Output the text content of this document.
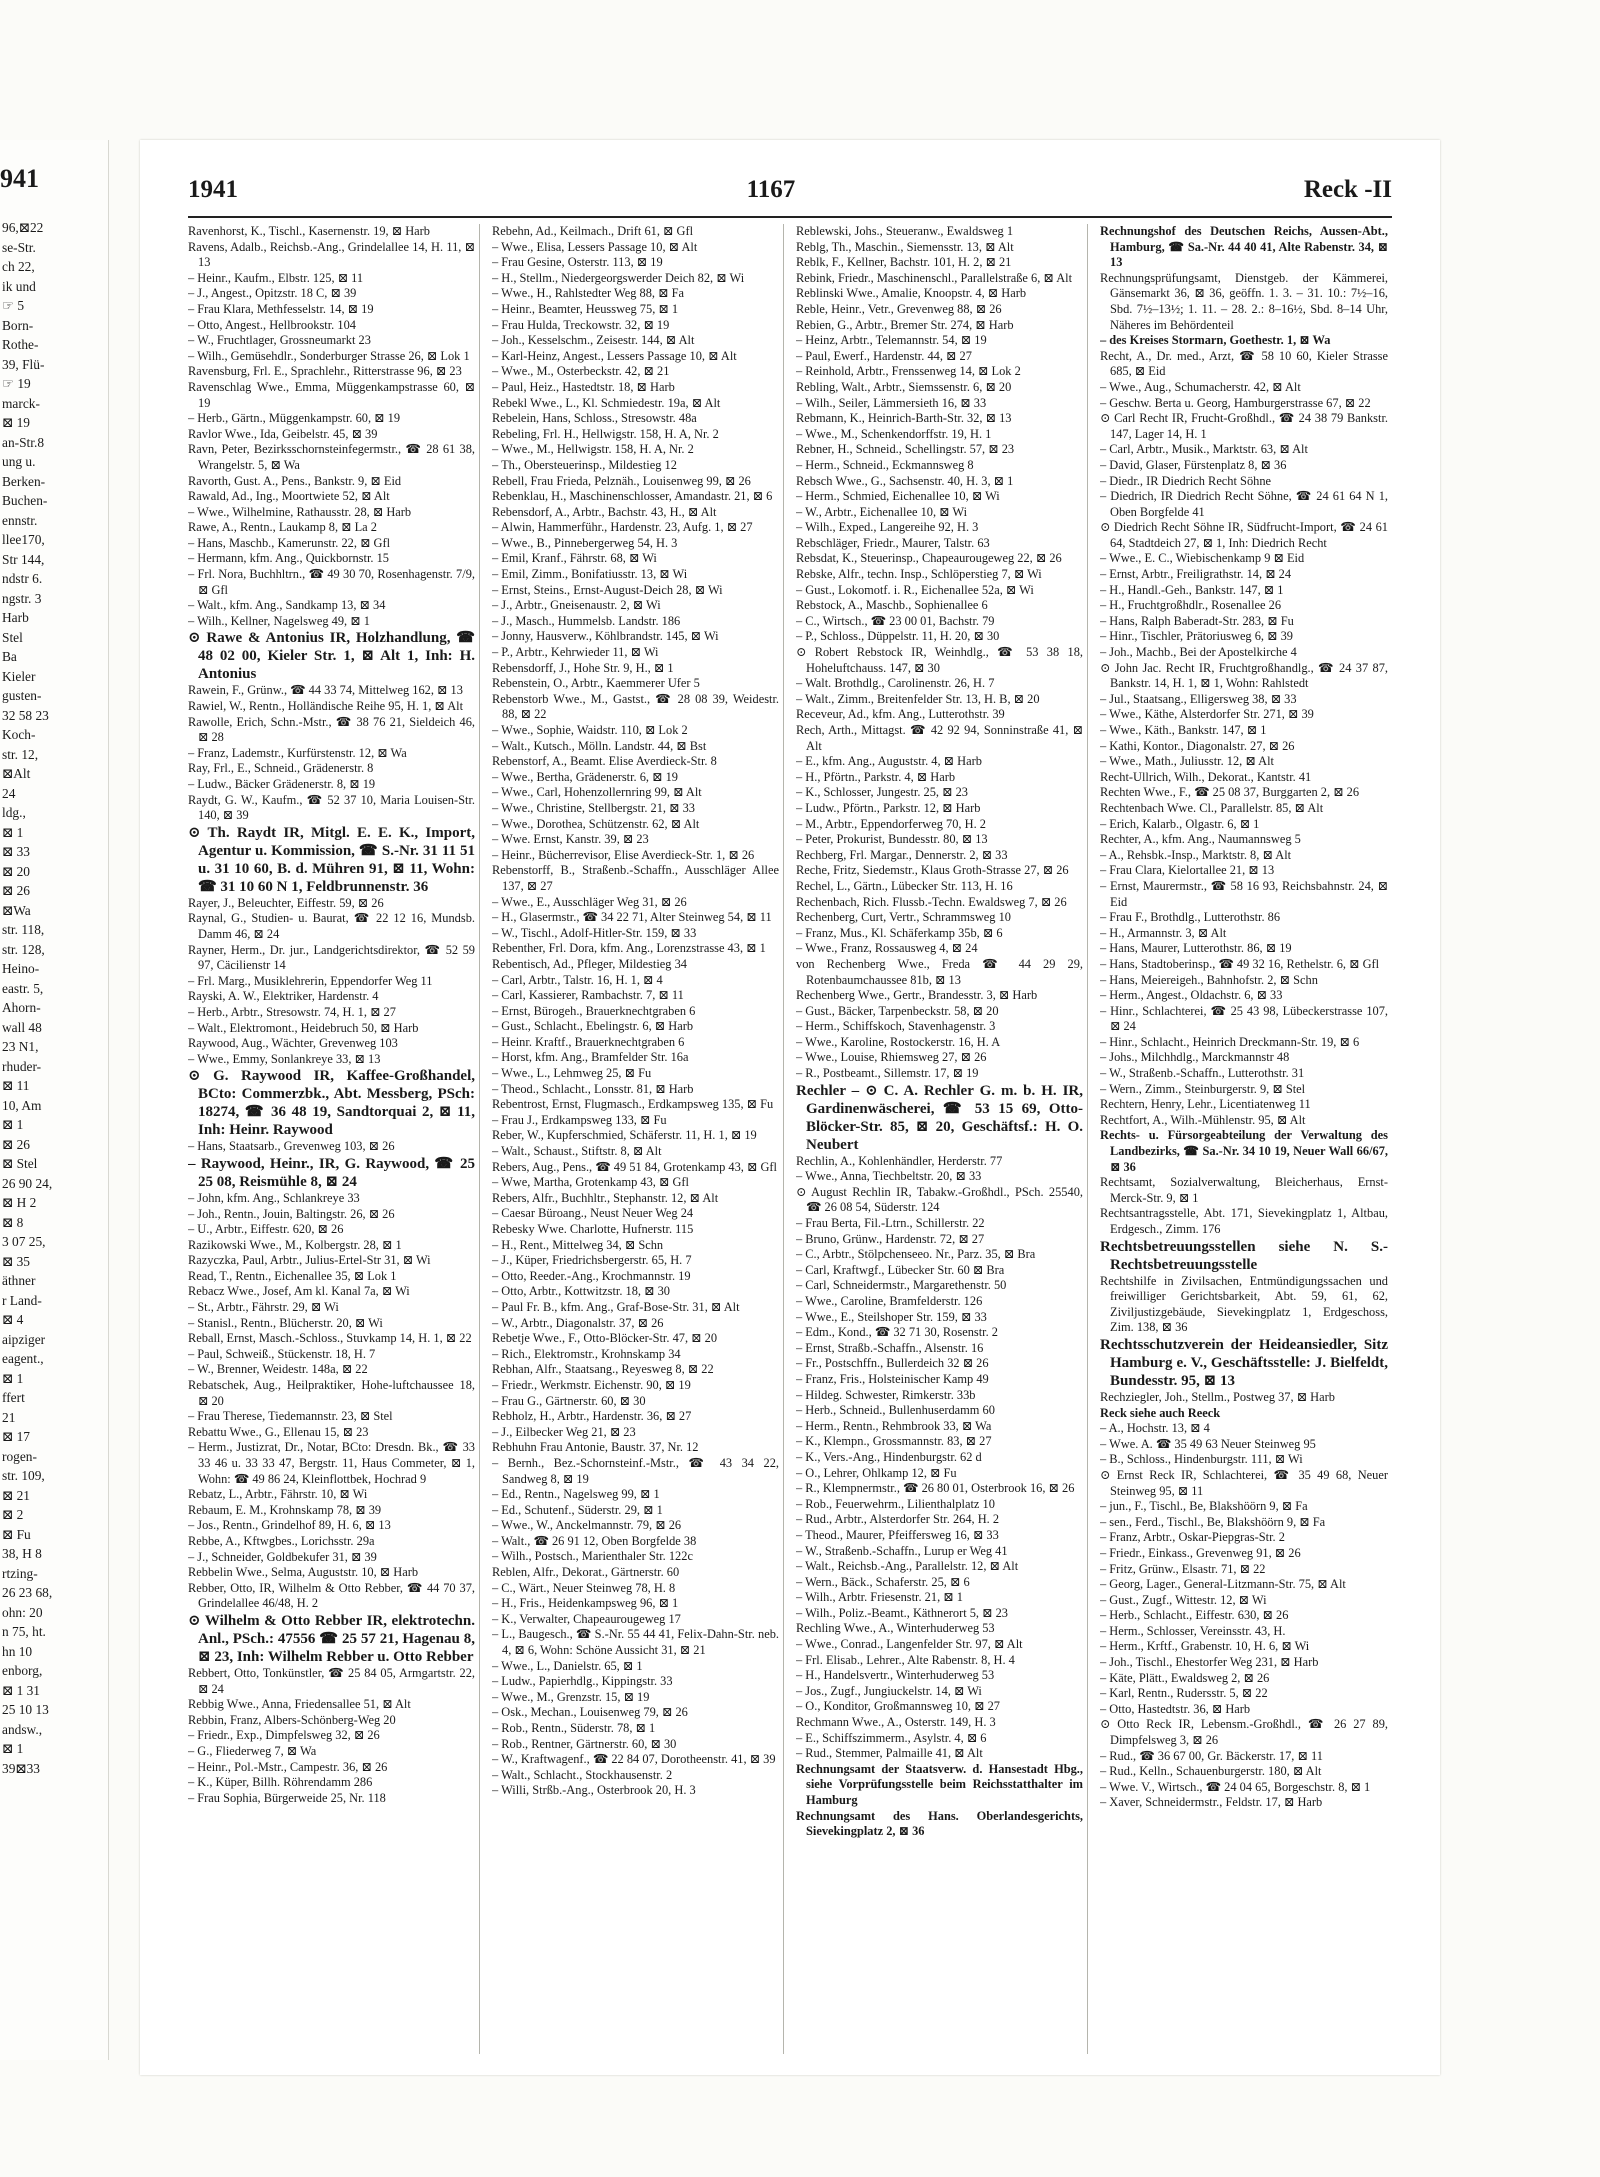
941
96,⊠22
se-Str.
ch 22,
ik und
☞ 5
Born-
Rothe-
39, Flü-
☞ 19
marck-
⊠ 19
an-Str.8
ung u.
Berken-
Buchen-
ennstr.
llee170,
Str 144,
ndstr 6.
ngstr. 3
Harb
Stel
Ba
Kieler
gusten-
32 58 23
Koch-
str. 12,
⊠Alt
24
ldg.,
⊠ 1
⊠ 33
⊠ 20
⊠ 26
⊠Wa
str. 118,
str. 128,
Heino-
eastr. 5,
Ahorn-
wall 48
23 N1,
rhuder-
⊠ 11
10, Am
⊠ 1
⊠ 26
⊠ Stel
26 90 24,
⊠ H 2
⊠ 8
3 07 25,
⊠ 35
äthner
r Land-
⊠ 4
aipziger
eagent.,
⊠ 1
ffert
21
⊠ 17
rogen-
str. 109,
⊠ 21
⊠ 2
⊠ Fu
38, H 8
rtzing-
26 23 68,
ohn: 20
n 75, ht.
hn 10
enborg,
⊠ 1 31
25 10 13
andsw.,
⊠ 1
39⊠33
1941	1167	Reck -II

Ravenhorst, K., Tischl., Kasernenstr. 19, ⊠ Harb

Ravens, Adalb., Reichsb.-Ang., Grindelallee 14, H. 11, ⊠ 13

– Heinr., Kaufm., Elbstr. 125, ⊠ 11

– J., Angest., Opitzstr. 18 C, ⊠ 39

– Frau Klara, Methfesselstr. 14, ⊠ 19

– Otto, Angest., Hellbrookstr. 104

– W., Fruchtlager, Grossneumarkt 23

– Wilh., Gemüsehdlr., Sonderburger Strasse 26, ⊠ Lok 1

Ravensburg, Frl. E., Sprachlehr., Ritterstrasse 96, ⊠ 23

Ravenschlag Wwe., Emma, Müggenkampstrasse 60, ⊠ 19

– Herb., Gärtn., Müggenkampstr. 60, ⊠ 19

Ravlor Wwe., Ida, Geibelstr. 45, ⊠ 39

Ravn, Peter, Bezirksschornsteinfegermstr., ☎ 28 61 38, Wrangelstr. 5, ⊠ Wa

Ravorth, Gust. A., Pens., Bankstr. 9, ⊠ Eid

Rawald, Ad., Ing., Moortwiete 52, ⊠ Alt

– Wwe., Wilhelmine, Rathausstr. 28, ⊠ Harb

Rawe, A., Rentn., Laukamp 8, ⊠ La 2

– Hans, Maschb., Kamerunstr. 22, ⊠ Gfl

– Hermann, kfm. Ang., Quickbornstr. 15

– Frl. Nora, Buchhltrn., ☎ 49 30 70, Rosenhagenstr. 7/9, ⊠ Gfl

– Walt., kfm. Ang., Sandkamp 13, ⊠ 34

– Wilh., Kellner, Nagelsweg 49, ⊠ 1

⊙ Rawe & Antonius IR, Holzhandlung, ☎ 48 02 00, Kieler Str. 1, ⊠ Alt 1, Inh: H. Antonius

Rawein, F., Grünw., ☎ 44 33 74, Mittelweg 162, ⊠ 13

Rawiel, W., Rentn., Holländische Reihe 95, H. 1, ⊠ Alt

Rawolle, Erich, Schn.-Mstr., ☎ 38 76 21, Sieldeich 46, ⊠ 28

– Franz, Lademstr., Kurfürstenstr. 12, ⊠ Wa

Ray, Frl., E., Schneid., Grädenerstr. 8

– Ludw., Bäcker Grädenerstr. 8, ⊠ 19

Raydt, G. W., Kaufm., ☎ 52 37 10, Maria Louisen-Str. 140, ⊠ 39

⊙ Th. Raydt IR, Mitgl. E. E. K., Import, Agentur u. Kommission, ☎ S.-Nr. 31 11 51 u. 31 10 60, B. d. Mühren 91, ⊠ 11, Wohn: ☎ 31 10 60 N 1, Feldbrunnenstr. 36

Rayer, J., Beleuchter, Eiffestr. 59, ⊠ 26

Raynal, G., Studien- u. Baurat, ☎ 22 12 16, Mundsb. Damm 46, ⊠ 24

Rayner, Herm., Dr. jur., Landgerichtsdirektor, ☎ 52 59 97, Cäcilienstr 14

– Frl. Marg., Musiklehrerin, Eppendorfer Weg 11

Rayski, A. W., Elektriker, Hardenstr. 4

– Herb., Arbtr., Stresowstr. 74, H. 1, ⊠ 27

– Walt., Elektromont., Heidebruch 50, ⊠ Harb

Raywood, Aug., Wächter, Grevenweg 103

– Wwe., Emmy, Sonlankreye 33, ⊠ 13

⊙ G. Raywood IR, Kaffee-Großhandel, BCto: Commerzbk., Abt. Messberg, PSch: 18274, ☎ 36 48 19, Sandtorquai 2, ⊠ 11, Inh: Heinr. Raywood

– Hans, Staatsarb., Grevenweg 103, ⊠ 26

– Raywood, Heinr., IR, G. Raywood, ☎ 25 25 08, Reismühle 8, ⊠ 24

– John, kfm. Ang., Schlankreye 33

– Joh., Rentn., Jouin, Baltingstr. 26, ⊠ 26

– U., Arbtr., Eiffestr. 620, ⊠ 26

Razikowski Wwe., M., Kolbergstr. 28, ⊠ 1

Razyczka, Paul, Arbtr., Julius-Ertel-Str 31, ⊠ Wi

Read, T., Rentn., Eichenallee 35, ⊠ Lok 1

Rebacz Wwe., Josef, Am kl. Kanal 7a, ⊠ Wi

– St., Arbtr., Fährstr. 29, ⊠ Wi

– Stanisl., Rentn., Blücherstr. 20, ⊠ Wi

Reball, Ernst, Masch.-Schloss., Stuvkamp 14, H. 1, ⊠ 22

– Paul, Schweiß., Stückenstr. 18, H. 7

– W., Brenner, Weidestr. 148a, ⊠ 22

Rebatschek, Aug., Heilpraktiker, Hohe-luftchaussee 18, ⊠ 20

– Frau Therese, Tiedemannstr. 23, ⊠ Stel

Rebattu Wwe., G., Ellenau 15, ⊠ 23

– Herm., Justizrat, Dr., Notar, BCto: Dresdn. Bk., ☎ 33 33 46 u. 33 33 47, Bergstr. 11, Haus Commeter, ⊠ 1, Wohn: ☎ 49 86 24, Kleinflottbek, Hochrad 9

Rebatz, L., Arbtr., Fährstr. 10, ⊠ Wi

Rebaum, E. M., Krohnskamp 78, ⊠ 39

– Jos., Rentn., Grindelhof 89, H. 6, ⊠ 13

Rebbe, A., Kftwgbes., Lorichsstr. 29a

– J., Schneider, Goldbekufer 31, ⊠ 39

Rebbelin Wwe., Selma, Auguststr. 10, ⊠ Harb

Rebber, Otto, IR, Wilhelm & Otto Rebber, ☎ 44 70 37, Grindelallee 46/48, H. 2

⊙ Wilhelm & Otto Rebber IR, elektrotechn. Anl., PSch.: 47556 ☎ 25 57 21, Hagenau 8, ⊠ 23, Inh: Wilhelm Rebber u. Otto Rebber

Rebbert, Otto, Tonkünstler, ☎ 25 84 05, Armgartstr. 22, ⊠ 24

Rebbig Wwe., Anna, Friedensallee 51, ⊠ Alt

Rebbin, Franz, Albers-Schönberg-Weg 20

– Friedr., Exp., Dimpfelsweg 32, ⊠ 26

– G., Fliederweg 7, ⊠ Wa

– Heinr., Pol.-Mstr., Campestr. 36, ⊠ 26

– K., Küper, Billh. Röhrendamm 286

– Frau Sophia, Bürgerweide 25, Nr. 118

Rebehn, Ad., Keilmach., Drift 61, ⊠ Gfl

– Wwe., Elisa, Lessers Passage 10, ⊠ Alt

– Frau Gesine, Osterstr. 113, ⊠ 19

– H., Stellm., Niedergeorgswerder Deich 82, ⊠ Wi

– Wwe., H., Rahlstedter Weg 88, ⊠ Fa

– Heinr., Beamter, Heussweg 75, ⊠ 1

– Frau Hulda, Treckowstr. 32, ⊠ 19

– Joh., Kesselschm., Zeisestr. 144, ⊠ Alt

– Karl-Heinz, Angest., Lessers Passage 10, ⊠ Alt

– Wwe., M., Osterbeckstr. 42, ⊠ 21

– Paul, Heiz., Hastedtstr. 18, ⊠ Harb

Rebekl Wwe., L., Kl. Schmiedestr. 19a, ⊠ Alt

Rebelein, Hans, Schloss., Stresowstr. 48a

Rebeling, Frl. H., Hellwigstr. 158, H. A, Nr. 2

– Wwe., M., Hellwigstr. 158, H. A, Nr. 2

– Th., Obersteuerinsp., Mildestieg 12

Rebell, Frau Frieda, Pelznäh., Louisenweg 99, ⊠ 26

Rebenklau, H., Maschinenschlosser, Amandastr. 21, ⊠ 6

Rebensdorf, A., Arbtr., Bachstr. 43, H., ⊠ Alt

– Alwin, Hammerführ., Hardenstr. 23, Aufg. 1, ⊠ 27

– Wwe., B., Pinnebergerweg 54, H. 3

– Emil, Kranf., Fährstr. 68, ⊠ Wi

– Emil, Zimm., Bonifatiusstr. 13, ⊠ Wi

– Ernst, Steins., Ernst-August-Deich 28, ⊠ Wi

– J., Arbtr., Gneisenaustr. 2, ⊠ Wi

– J., Masch., Hummelsb. Landstr. 186

– Jonny, Hausverw., Köhlbrandstr. 145, ⊠ Wi

– P., Arbtr., Kehrwieder 11, ⊠ Wi

Rebensdorff, J., Hohe Str. 9, H., ⊠ 1

Rebenstein, O., Arbtr., Kaemmerer Ufer 5

Rebenstorb Wwe., M., Gastst., ☎ 28 08 39, Weidestr. 88, ⊠ 22

– Wwe., Sophie, Waidstr. 110, ⊠ Lok 2

– Walt., Kutsch., Mölln. Landstr. 44, ⊠ Bst

Rebenstorf, A., Beamt. Elise Averdieck-Str. 8

– Wwe., Bertha, Grädenerstr. 6, ⊠ 19

– Wwe., Carl, Hohenzollernring 99, ⊠ Alt

– Wwe., Christine, Stellbergstr. 21, ⊠ 33

– Wwe., Dorothea, Schützenstr. 62, ⊠ Alt

– Wwe. Ernst, Kanstr. 39, ⊠ 23

– Heinr., Bücherrevisor, Elise Averdieck-Str. 1, ⊠ 26

Rebenstorff, B., Straßenb.-Schaffn., Ausschläger Allee 137, ⊠ 27

– Wwe., E., Ausschläger Weg 31, ⊠ 26

– H., Glasermstr., ☎ 34 22 71, Alter Steinweg 54, ⊠ 11

– W., Tischl., Adolf-Hitler-Str. 159, ⊠ 33

Rebenther, Frl. Dora, kfm. Ang., Lorenzstrasse 43, ⊠ 1

Rebentisch, Ad., Pfleger, Mildestieg 34

– Carl, Arbtr., Talstr. 16, H. 1, ⊠ 4

– Carl, Kassierer, Rambachstr. 7, ⊠ 11

– Ernst, Bürogeh., Brauerknechtgraben 6

– Gust., Schlacht., Ebelingstr. 6, ⊠ Harb

– Heinr. Kraftf., Brauerknechtgraben 6

– Horst, kfm. Ang., Bramfelder Str. 16a

– Wwe., L., Lehmweg 25, ⊠ Fu

– Theod., Schlacht., Lonsstr. 81, ⊠ Harb

Rebentrost, Ernst, Flugmasch., Erdkampsweg 135, ⊠ Fu

– Frau J., Erdkampsweg 133, ⊠ Fu

Reber, W., Kupferschmied, Schäferstr. 11, H. 1, ⊠ 19

– Walt., Schaust., Stiftstr. 8, ⊠ Alt

Rebers, Aug., Pens., ☎ 49 51 84, Grotenkamp 43, ⊠ Gfl

– Wwe, Martha, Grotenkamp 43, ⊠ Gfl

Rebers, Alfr., Buchhltr., Stephanstr. 12, ⊠ Alt

– Caesar Büroang., Neust Neuer Weg 24

Rebesky Wwe. Charlotte, Hufnerstr. 115

– H., Rent., Mittelweg 34, ⊠ Schn

– J., Küper, Friedrichsbergerstr. 65, H. 7

– Otto, Reeder.-Ang., Krochmannstr. 19

– Otto, Arbtr., Kottwitzstr. 18, ⊠ 30

– Paul Fr. B., kfm. Ang., Graf-Bose-Str. 31, ⊠ Alt

– W., Arbtr., Diagonalstr. 37, ⊠ 26

Rebetje Wwe., F., Otto-Blöcker-Str. 47, ⊠ 20

– Rich., Elektromstr., Krohnskamp 34

Rebhan, Alfr., Staatsang., Reyesweg 8, ⊠ 22

– Friedr., Werkmstr. Eichenstr. 90, ⊠ 19

– Frau G., Gärtnerstr. 60, ⊠ 30

Rebholz, H., Arbtr., Hardenstr. 36, ⊠ 27

– J., Eilbecker Weg 21, ⊠ 23

Rebhuhn Frau Antonie, Baustr. 37, Nr. 12

– Bernh., Bez.-Schornsteinf.-Mstr., ☎ 43 34 22, Sandweg 8, ⊠ 19

– Ed., Rentn., Nagelsweg 99, ⊠ 1

– Ed., Schutenf., Süderstr. 29, ⊠ 1

– Wwe., W., Anckelmannstr. 79, ⊠ 26

– Walt., ☎ 26 91 12, Oben Borgfelde 38

– Wilh., Postsch., Marienthaler Str. 122c

Reblen, Alfr., Dekorat., Gärtnerstr. 60

– C., Wärt., Neuer Steinweg 78, H. 8

– H., Fris., Heidenkampsweg 96, ⊠ 1

– K., Verwalter, Chapeaurougeweg 17

– L., Baugesch., ☎ S.-Nr. 55 44 41, Felix-Dahn-Str. neb. 4, ⊠ 6, Wohn: Schöne Aussicht 31, ⊠ 21

– Wwe., L., Danielstr. 65, ⊠ 1

– Ludw., Papierhdlg., Kippingstr. 33

– Wwe., M., Grenzstr. 15, ⊠ 19

– Osk., Mechan., Louisenweg 79, ⊠ 26

– Rob., Rentn., Süderstr. 78, ⊠ 1

– Rob., Rentner, Gärtnerstr. 60, ⊠ 30

– W., Kraftwagenf., ☎ 22 84 07, Dorotheenstr. 41, ⊠ 39

– Walt., Schlacht., Stockhausenstr. 2

– Willi, Strßb.-Ang., Osterbrook 20, H. 3

Reblewski, Johs., Steueranw., Ewaldsweg 1

Reblg, Th., Maschin., Siemensstr. 13, ⊠ Alt

Reblk, F., Kellner, Bachstr. 101, H. 2, ⊠ 21

Rebink, Friedr., Maschinenschl., Parallelstraße 6, ⊠ Alt

Reblinski Wwe., Amalie, Knoopstr. 4, ⊠ Harb

Reble, Heinr., Vetr., Grevenweg 88, ⊠ 26

Rebien, G., Arbtr., Bremer Str. 274, ⊠ Harb

– Heinz, Arbtr., Telemannstr. 54, ⊠ 19

– Paul, Ewerf., Hardenstr. 44, ⊠ 27

– Reinhold, Arbtr., Frenssenweg 14, ⊠ Lok 2

Rebling, Walt., Arbtr., Siemssenstr. 6, ⊠ 20

– Wilh., Seiler, Lämmersieth 16, ⊠ 33

Rebmann, K., Heinrich-Barth-Str. 32, ⊠ 13

– Wwe., M., Schenkendorffstr. 19, H. 1

Rebner, H., Schneid., Schellingstr. 57, ⊠ 23

– Herm., Schneid., Eckmannsweg 8

Rebsch Wwe., G., Sachsenstr. 40, H. 3, ⊠ 1

– Herm., Schmied, Eichenallee 10, ⊠ Wi

– W., Arbtr., Eichenallee 10, ⊠ Wi

– Wilh., Exped., Langereihe 92, H. 3

Rebschläger, Friedr., Maurer, Talstr. 63

Rebsdat, K., Steuerinsp., Chapeaurougeweg 22, ⊠ 26

Rebske, Alfr., techn. Insp., Schlöperstieg 7, ⊠ Wi

– Gust., Lokomotf. i. R., Eichenallee 52a, ⊠ Wi

Rebstock, A., Maschb., Sophienallee 6

– C., Wirtsch., ☎ 23 00 01, Bachstr. 79

– P., Schloss., Düppelstr. 11, H. 20, ⊠ 30

⊙ Robert Rebstock IR, Weinhdlg., ☎ 53 38 18, Hoheluftchauss. 147, ⊠ 30

– Walt. Brothdlg., Carolinenstr. 26, H. 7

– Walt., Zimm., Breitenfelder Str. 13, H. B, ⊠ 20

Receveur, Ad., kfm. Ang., Lutterothstr. 39

Rech, Arth., Mittagst. ☎ 42 92 94, Sonninstraße 41, ⊠ Alt

– E., kfm. Ang., Auguststr. 4, ⊠ Harb

– H., Pförtn., Parkstr. 4, ⊠ Harb

– K., Schlosser, Jungestr. 25, ⊠ 23

– Ludw., Pförtn., Parkstr. 12, ⊠ Harb

– M., Arbtr., Eppendorferweg 70, H. 2

– Peter, Prokurist, Bundesstr. 80, ⊠ 13

Rechberg, Frl. Margar., Dennerstr. 2, ⊠ 33

Reche, Fritz, Siedemstr., Klaus Groth-Strasse 27, ⊠ 26

Rechel, L., Gärtn., Lübecker Str. 113, H. 16

Rechenbach, Rich. Flussb.-Techn. Ewaldsweg 7, ⊠ 26

Rechenberg, Curt, Vertr., Schrammsweg 10

– Franz, Mus., Kl. Schäferkamp 35b, ⊠ 6

– Wwe., Franz, Rossausweg 4, ⊠ 24

von Rechenberg Wwe., Freda ☎ 44 29 29, Rotenbaumchaussee 81b, ⊠ 13

Rechenberg Wwe., Gertr., Brandesstr. 3, ⊠ Harb

– Gust., Bäcker, Tarpenbeckstr. 58, ⊠ 20

– Herm., Schiffskoch, Stavenhagenstr. 3

– Wwe., Karoline, Rostockerstr. 16, H. A

– Wwe., Louise, Rhiemsweg 27, ⊠ 26

– R., Postbeamt., Sillemstr. 17, ⊠ 19

Rechler – ⊙ C. A. Rechler G. m. b. H. IR, Gardinenwäscherei, ☎ 53 15 69, Otto-Blöcker-Str. 85, ⊠ 20, Geschäftsf.: H. O. Neubert

Rechlin, A., Kohlenhändler, Herderstr. 77

– Wwe., Anna, Tiechbeltstr. 20, ⊠ 33

⊙ August Rechlin IR, Tabakw.-Großhdl., PSch. 25540, ☎ 26 08 54, Süderstr. 124

– Frau Berta, Fil.-Ltrn., Schillerstr. 22

– Bruno, Grünw., Hardenstr. 72, ⊠ 27

– C., Arbtr., Stölpchenseeo. Nr., Parz. 35, ⊠ Bra

– Carl, Kraftwgf., Lübecker Str. 60 ⊠ Bra

– Carl, Schneidermstr., Margarethenstr. 50

– Wwe., Caroline, Bramfelderstr. 126

– Wwe., E., Steilshoper Str. 159, ⊠ 33

– Edm., Kond., ☎ 32 71 30, Rosenstr. 2

– Ernst, Straßb.-Schaffn., Alsenstr. 16

– Fr., Postschffn., Bullerdeich 32 ⊠ 26

– Franz, Fris., Holsteinischer Kamp 49

– Hildeg. Schwester, Rimkerstr. 33b

– Herb., Schneid., Bullenhuserdamm 60

– Herm., Rentn., Rehmbrook 33, ⊠ Wa

– K., Klempn., Grossmannstr. 83, ⊠ 27

– K., Vers.-Ang., Hindenburgstr. 62 d

– O., Lehrer, Ohlkamp 12, ⊠ Fu

– R., Klempnermstr., ☎ 26 80 01, Osterbrook 16, ⊠ 26

– Rob., Feuerwehrm., Lilienthalplatz 10

– Rud., Arbtr., Alsterdorfer Str. 264, H. 2

– Theod., Maurer, Pfeiffersweg 16, ⊠ 33

– W., Straßenb.-Schaffn., Lurup er Weg 41

– Walt., Reichsb.-Ang., Parallelstr. 12, ⊠ Alt

– Wern., Bäck., Schaferstr. 25, ⊠ 6

– Wilh., Arbtr. Friesenstr. 21, ⊠ 1

– Wilh., Poliz.-Beamt., Käthnerort 5, ⊠ 23

Rechling Wwe., A., Winterhuderweg 53

– Wwe., Conrad., Langenfelder Str. 97, ⊠ Alt

– Frl. Elisab., Lehrer., Alte Rabenstr. 8, H. 4

– H., Handelsvertr., Winterhuderweg 53

– Jos., Zugf., Jungiuckelstr. 14, ⊠ Wi

– O., Konditor, Großmannsweg 10, ⊠ 27

Rechmann Wwe., A., Osterstr. 149, H. 3

– E., Schiffszimmerm., Asylstr. 4, ⊠ 6

– Rud., Stemmer, Palmaille 41, ⊠ Alt

Rechnungsamt der Staatsverw. d. Hansestadt Hbg., siehe Vorprüfungsstelle beim Reichsstatthalter im Hamburg

Rechnungsamt des Hans. Oberlandesgerichts, Sievekingplatz 2, ⊠ 36

Rechnungshof des Deutschen Reichs, Aussen-Abt., Hamburg, ☎ Sa.-Nr. 44 40 41, Alte Rabenstr. 34, ⊠ 13

Rechnungsprüfungsamt, Dienstgeb. der Kämmerei, Gänsemarkt 36, ⊠ 36, geöffn. 1. 3. – 31. 10.: 7½–16, Sbd. 7½–13½; 1. 11. – 28. 2.: 8–16½, Sbd. 8–14 Uhr, Näheres im Behördenteil

– des Kreises Stormarn, Goethestr. 1, ⊠ Wa

Recht, A., Dr. med., Arzt, ☎ 58 10 60, Kieler Strasse 685, ⊠ Eid

– Wwe., Aug., Schumacherstr. 42, ⊠ Alt

– Geschw. Berta u. Georg, Hamburgerstrasse 67, ⊠ 22

⊙ Carl Recht IR, Frucht-Großhdl., ☎ 24 38 79 Bankstr. 147, Lager 14, H. 1

– Carl, Arbtr., Musik., Marktstr. 63, ⊠ Alt

– David, Glaser, Fürstenplatz 8, ⊠ 36

– Diedr., IR Diedrich Recht Söhne

– Diedrich, IR Diedrich Recht Söhne, ☎ 24 61 64 N 1, Oben Borgfelde 41

⊙ Diedrich Recht Söhne IR, Südfrucht-Import, ☎ 24 61 64, Stadtdeich 27, ⊠ 1, Inh: Diedrich Recht

– Wwe., E. C., Wiebischenkamp 9 ⊠ Eid

– Ernst, Arbtr., Freiligrathstr. 14, ⊠ 24

– H., Handl.-Geh., Bankstr. 147, ⊠ 1

– H., Fruchtgroßhdlr., Rosenallee 26

– Hans, Ralph Baberadt-Str. 283, ⊠ Fu

– Hinr., Tischler, Prätoriusweg 6, ⊠ 39

– Joh., Machb., Bei der Apostelkirche 4

⊙ John Jac. Recht IR, Fruchtgroßhandlg., ☎ 24 37 87, Bankstr. 14, H. 1, ⊠ 1, Wohn: Rahlstedt

– Jul., Staatsang., Elligersweg 38, ⊠ 33

– Wwe., Käthe, Alsterdorfer Str. 271, ⊠ 39

– Wwe., Käth., Bankstr. 147, ⊠ 1

– Kathi, Kontor., Diagonalstr. 27, ⊠ 26

– Wwe., Math., Juliusstr. 12, ⊠ Alt

Recht-Ullrich, Wilh., Dekorat., Kantstr. 41

Rechten Wwe., F., ☎ 25 08 37, Burggarten 2, ⊠ 26

Rechtenbach Wwe. Cl., Parallelstr. 85, ⊠ Alt

– Erich, Kalarb., Olgastr. 6, ⊠ 1

Rechter, A., kfm. Ang., Naumannsweg 5

– A., Rehsbk.-Insp., Marktstr. 8, ⊠ Alt

– Frau Clara, Kielortallee 21, ⊠ 13

– Ernst, Maurermstr., ☎ 58 16 93, Reichsbahnstr. 24, ⊠ Eid

– Frau F., Brothdlg., Lutterothstr. 86

– H., Armannstr. 3, ⊠ Alt

– Hans, Maurer, Lutterothstr. 86, ⊠ 19

– Hans, Stadtoberinsp., ☎ 49 32 16, Rethelstr. 6, ⊠ Gfl

– Hans, Meiereigeh., Bahnhofstr. 2, ⊠ Schn

– Herm., Angest., Oldachstr. 6, ⊠ 33

– Hinr., Schlachterei, ☎ 25 43 98, Lübeckerstrasse 107, ⊠ 24

– Hinr., Schlacht., Heinrich Dreckmann-Str. 19, ⊠ 6

– Johs., Milchhdlg., Marckmannstr 48

– W., Straßenb.-Schaffn., Lutterothstr. 31

– Wern., Zimm., Steinburgerstr. 9, ⊠ Stel

Rechtern, Henry, Lehr., Licentiatenweg 11

Rechtfort, A., Wilh.-Mühlenstr. 95, ⊠ Alt

Rechts- u. Fürsorgeabteilung der Verwaltung des Landbezirks, ☎ Sa.-Nr. 34 10 19, Neuer Wall 66/67, ⊠ 36

Rechtsamt, Sozialverwaltung, Bleicherhaus, Ernst-Merck-Str. 9, ⊠ 1

Rechtsantragsstelle, Abt. 171, Sievekingplatz 1, Altbau, Erdgesch., Zimm. 176

Rechtsbetreuungsstellen siehe N. S.-Rechtsbetreuungsstelle

Rechtshilfe in Zivilsachen, Entmündigungssachen und freiwilliger Gerichtsbarkeit, Abt. 59, 61, 62, Ziviljustizgebäude, Sievekingplatz 1, Erdgeschoss, Zim. 138, ⊠ 36

Rechtsschutzverein der Heideansiedler, Sitz Hamburg e. V., Geschäftsstelle: J. Bielfeldt, Bundesstr. 95, ⊠ 13

Rechziegler, Joh., Stellm., Postweg 37, ⊠ Harb

Reck siehe auch Reeck

– A., Hochstr. 13, ⊠ 4

– Wwe. A. ☎ 35 49 63 Neuer Steinweg 95

– B., Schloss., Hindenburgstr. 111, ⊠ Wi

⊙ Ernst Reck IR, Schlachterei, ☎ 35 49 68, Neuer Steinweg 95, ⊠ 11

– jun., F., Tischl., Be, Blakshöörn 9, ⊠ Fa

– sen., Ferd., Tischl., Be, Blakshöörn 9, ⊠ Fa

– Franz, Arbtr., Oskar-Piepgras-Str. 2

– Friedr., Einkass., Grevenweg 91, ⊠ 26

– Fritz, Grünw., Elsastr. 71, ⊠ 22

– Georg, Lager., General-Litzmann-Str. 75, ⊠ Alt

– Gust., Zugf., Wittestr. 12, ⊠ Wi

– Herb., Schlacht., Eiffestr. 630, ⊠ 26

– Herm., Schlosser, Vereinsstr. 43, H.

– Herm., Krftf., Grabenstr. 10, H. 6, ⊠ Wi

– Joh., Tischl., Ehestorfer Weg 231, ⊠ Harb

– Käte, Plätt., Ewaldsweg 2, ⊠ 26

– Karl, Rentn., Rudersstr. 5, ⊠ 22

– Otto, Hastedtstr. 36, ⊠ Harb

⊙ Otto Reck IR, Lebensm.-Großhdl., ☎ 26 27 89, Dimpfelsweg 3, ⊠ 26

– Rud., ☎ 36 67 00, Gr. Bäckerstr. 17, ⊠ 11

– Rud., Kelln., Schauenburgerstr. 180, ⊠ Alt

– Wwe. V., Wirtsch., ☎ 24 04 65, Borgeschstr. 8, ⊠ 1

– Xaver, Schneidermstr., Feldstr. 17, ⊠ Harb
